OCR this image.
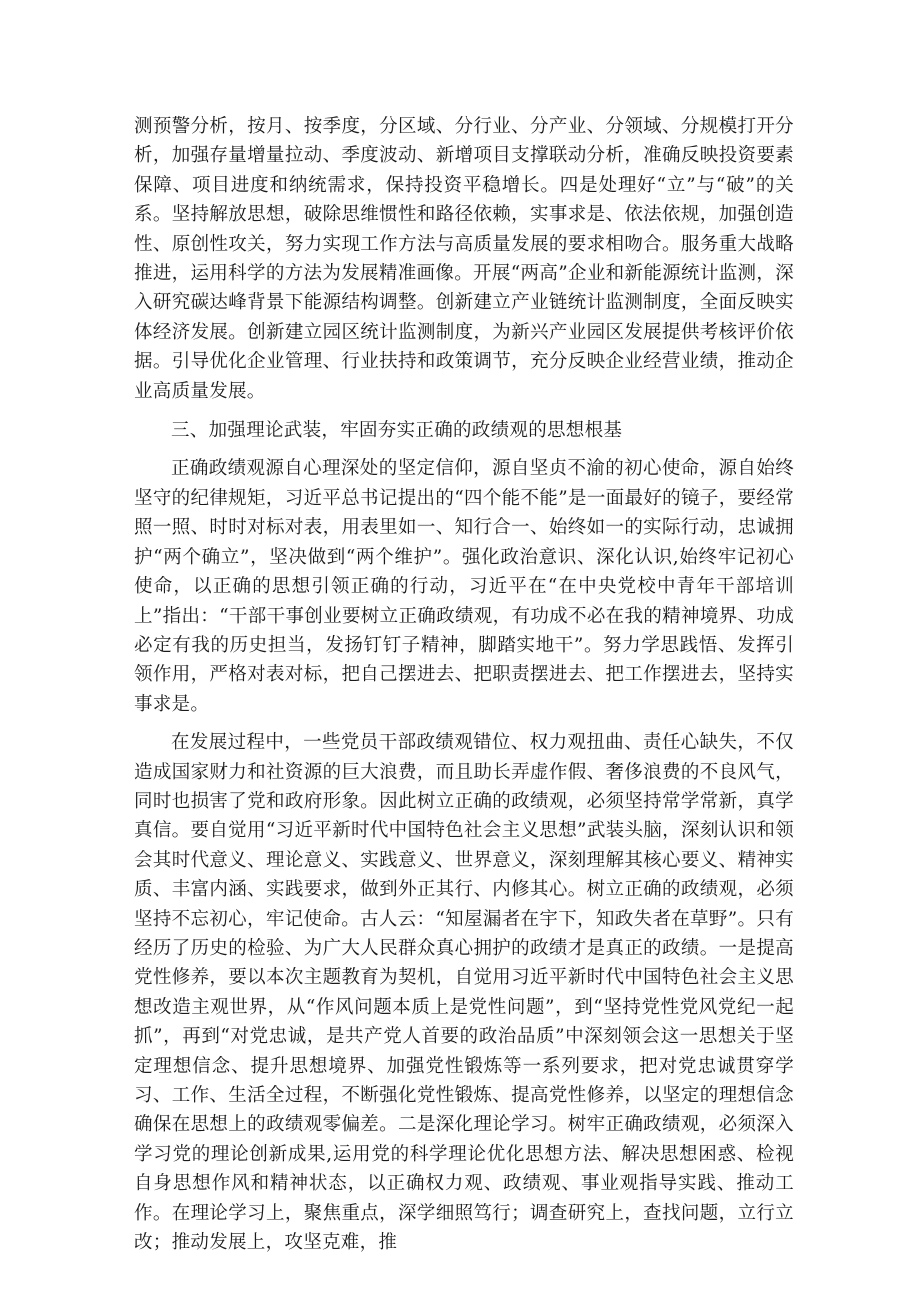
测预警分析，按月、按季度，分区域、分行业、分产业、分领域、分规模打开分析，加强存量增量拉动、季度波动、新增项目支撑联动分析，准确反映投资要素保障、项目进度和纳统需求，保持投资平稳增长。四是处理好“立”与“破”的关系。坚持解放思想，破除思维惯性和路径依赖，实事求是、依法依规，加强创造性、原创性攻关，努力实现工作方法与高质量发展的要求相吻合。服务重大战略推进，运用科学的方法为发展精准画像。开展“两高”企业和新能源统计监测，深入研究碳达峰背景下能源结构调整。创新建立产业链统计监测制度，全面反映实体经济发展。创新建立园区统计监测制度，为新兴产业园区发展提供考核评价依据。引导优化企业管理、行业扶持和政策调节，充分反映企业经营业绩，推动企业高质量发展。

三、加强理论武装，牢固夯实正确的政绩观的思想根基

正确政绩观源自心理深处的坚定信仰，源自坚贞不渝的初心使命，源自始终坚守的纪律规矩，习近平总书记提出的“四个能不能”是一面最好的镜子，要经常照一照、时时对标对表，用表里如一、知行合一、始终如一的实际行动，忠诚拥护“两个确立”，坚决做到“两个维护”。强化政治意识、深化认识,始终牢记初心使命，以正确的思想引领正确的行动，习近平在“在中央党校中青年干部培训上”指出：“干部干事创业要树立正确政绩观，有功成不必在我的精神境界、功成必定有我的历史担当，发扬钉钉子精神，脚踏实地干”。努力学思践悟、发挥引领作用，严格对表对标，把自己摆进去、把职责摆进去、把工作摆进去，坚持实事求是。

在发展过程中，一些党员干部政绩观错位、权力观扭曲、责任心缺失，不仅造成国家财力和社资源的巨大浪费，而且助长弄虚作假、奢侈浪费的不良风气，同时也损害了党和政府形象。因此树立正确的政绩观，必须坚持常学常新，真学真信。要自觉用“习近平新时代中国特色社会主义思想”武装头脑，深刻认识和领会其时代意义、理论意义、实践意义、世界意义，深刻理解其核心要义、精神实质、丰富内涵、实践要求，做到外正其行、内修其心。树立正确的政绩观，必须坚持不忘初心，牢记使命。古人云：“知屋漏者在宇下，知政失者在草野”。只有经历了历史的检验、为广大人民群众真心拥护的政绩才是真正的政绩。一是提高党性修养，要以本次主题教育为契机，自觉用习近平新时代中国特色社会主义思想改造主观世界，从“作风问题本质上是党性问题”，到“坚持党性党风党纪一起抓”，再到“对党忠诚，是共产党人首要的政治品质”中深刻领会这一思想关于坚定理想信念、提升思想境界、加强党性锻炼等一系列要求，把对党忠诚贯穿学习、工作、生活全过程，不断强化党性锻炼、提高党性修养，以坚定的理想信念确保在思想上的政绩观零偏差。二是深化理论学习。树牢正确政绩观，必须深入学习党的理论创新成果,运用党的科学理论优化思想方法、解决思想困惑、检视自身思想作风和精神状态，以正确权力观、政绩观、事业观指导实践、推动工作。在理论学习上，聚焦重点，深学细照笃行；调查研究上，查找问题，立行立改；推动发展上，攻坚克难，推
